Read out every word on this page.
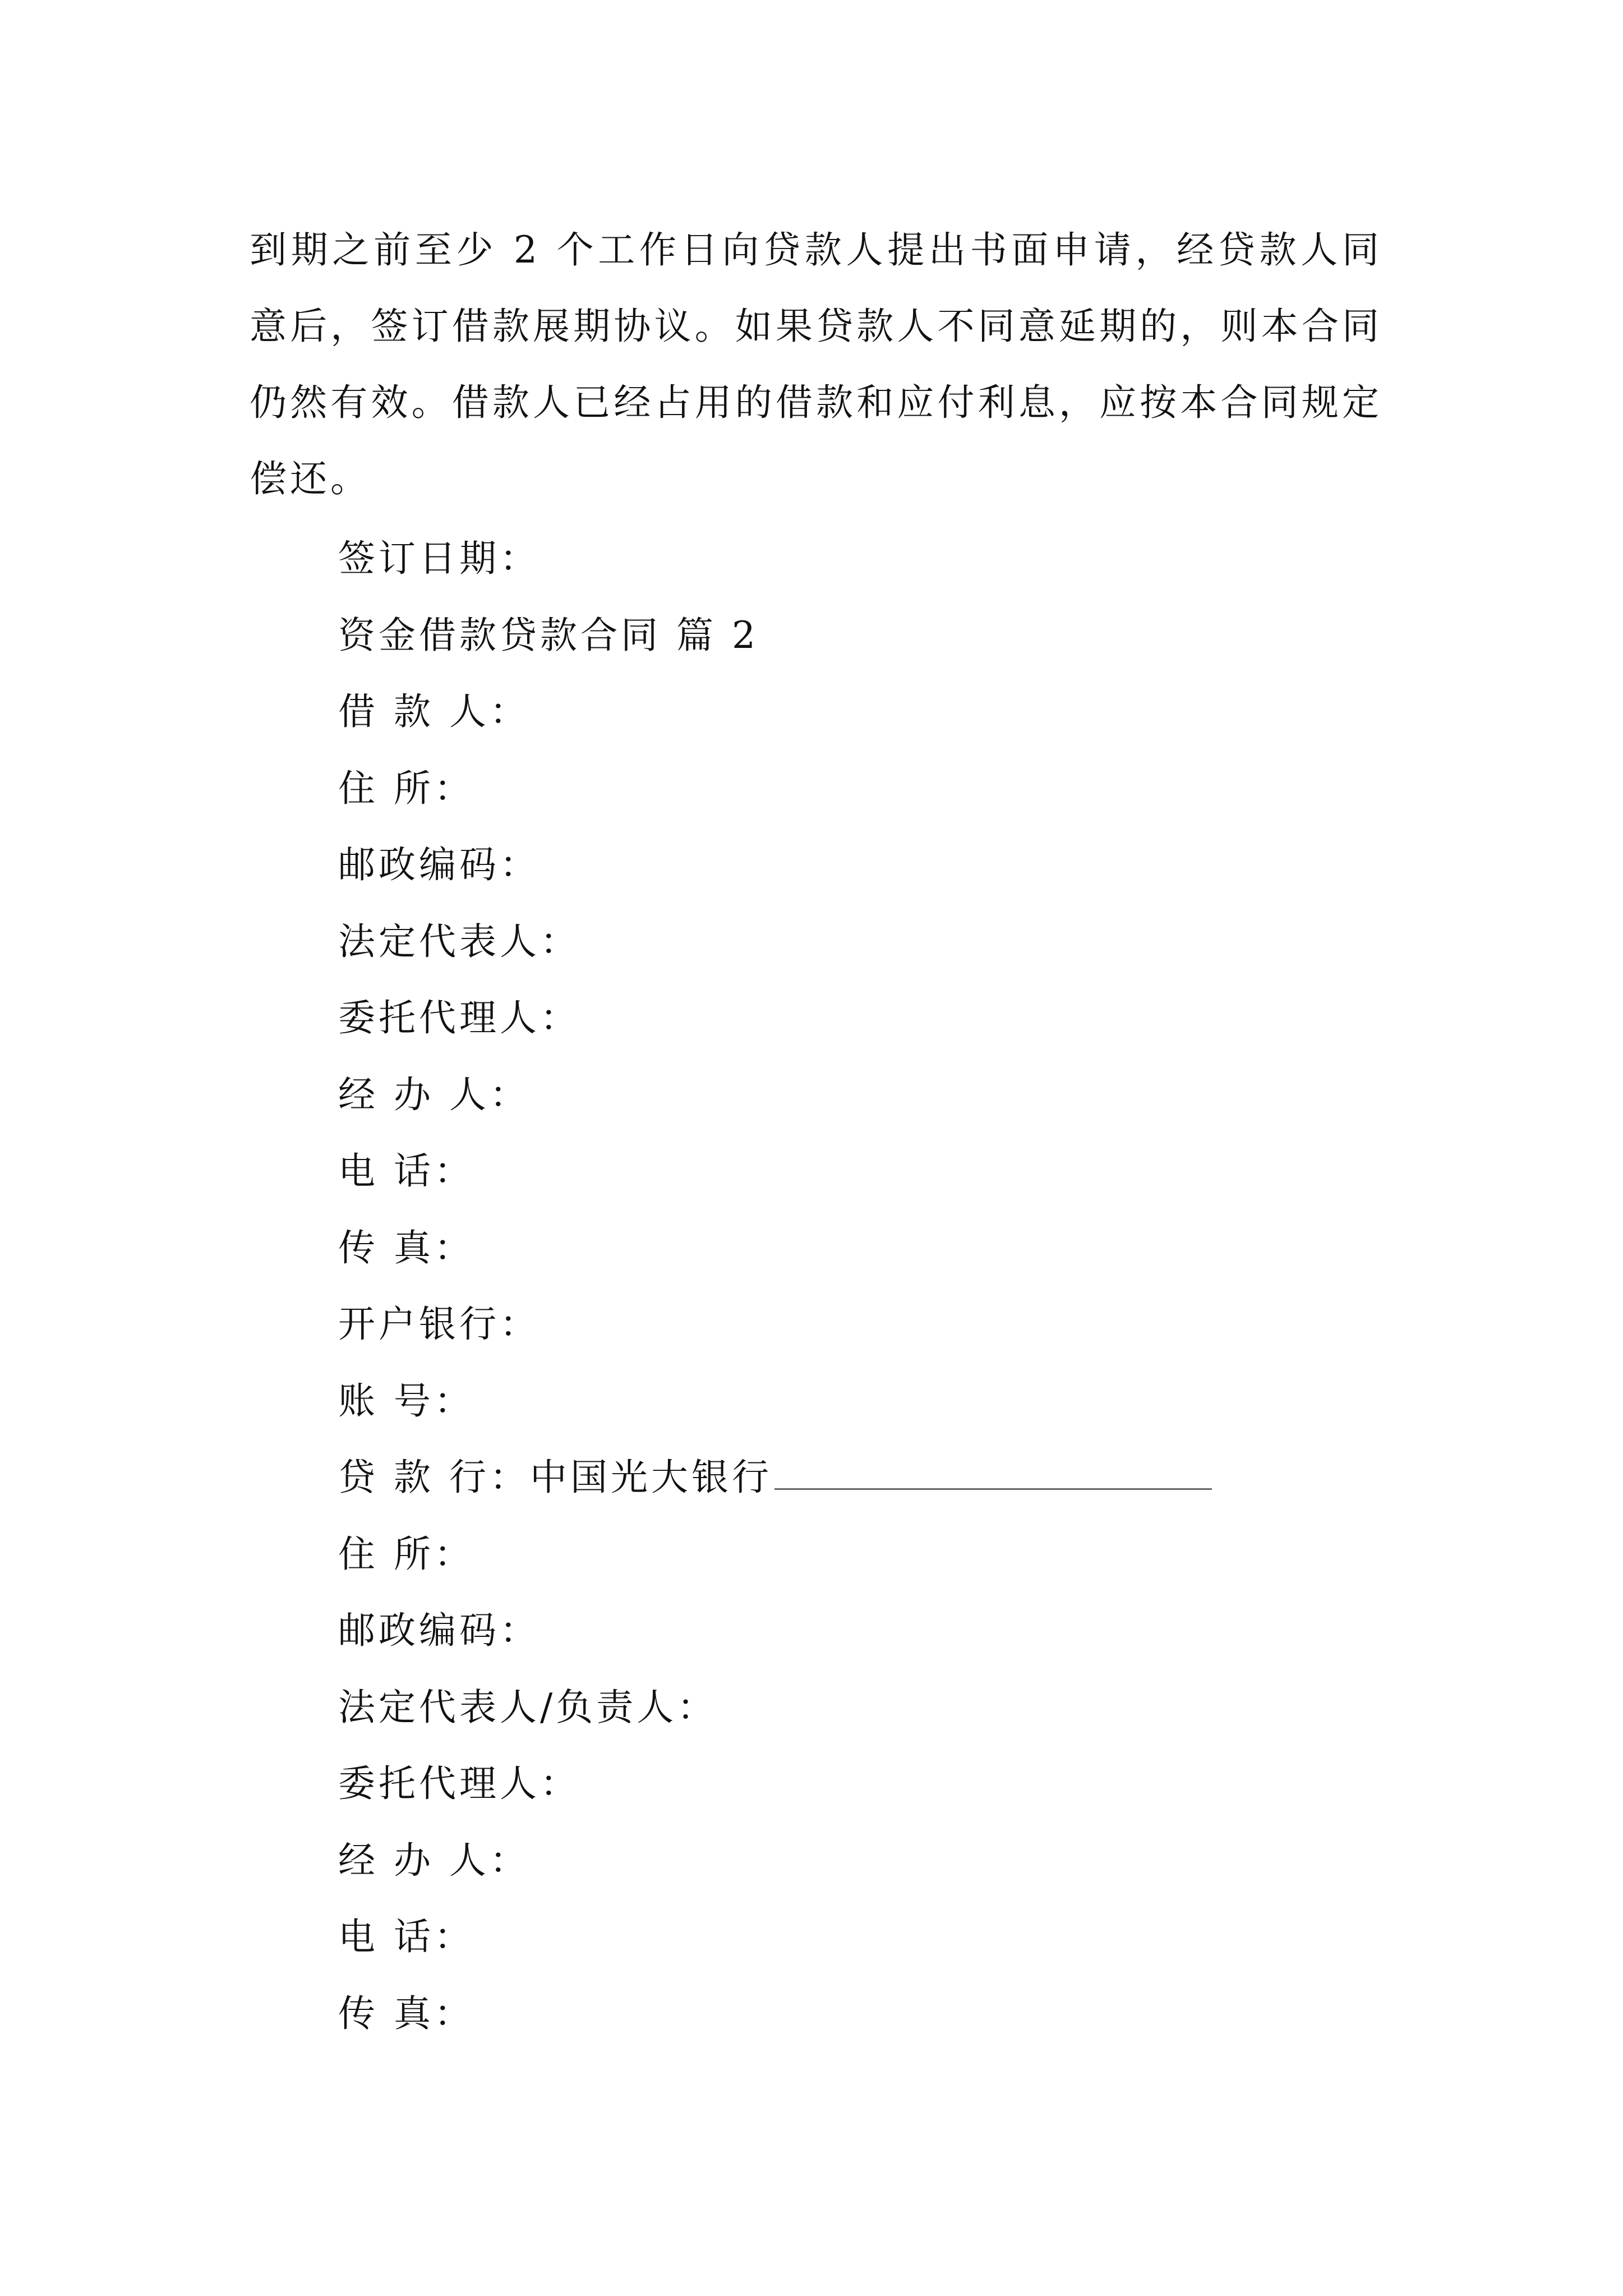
到期之前至少 2 个工作日向贷款人提出书面申请，经贷款人同意后，签订借款展期协议。如果贷款人不同意延期的，则本合同仍然有效。借款人已经占用的借款和应付利息，应按本合同规定偿还。

签订日期：
资金借款贷款合同 篇 2
借 款 人：
住 所：
邮政编码：
法定代表人：
委托代理人：
经 办 人：
电 话：
传 真：
开户银行：
账 号：
贷 款 行：中国光大银行
住 所：
邮政编码：
法定代表人/负责人：
委托代理人：
经 办 人：
电 话：
传 真：
